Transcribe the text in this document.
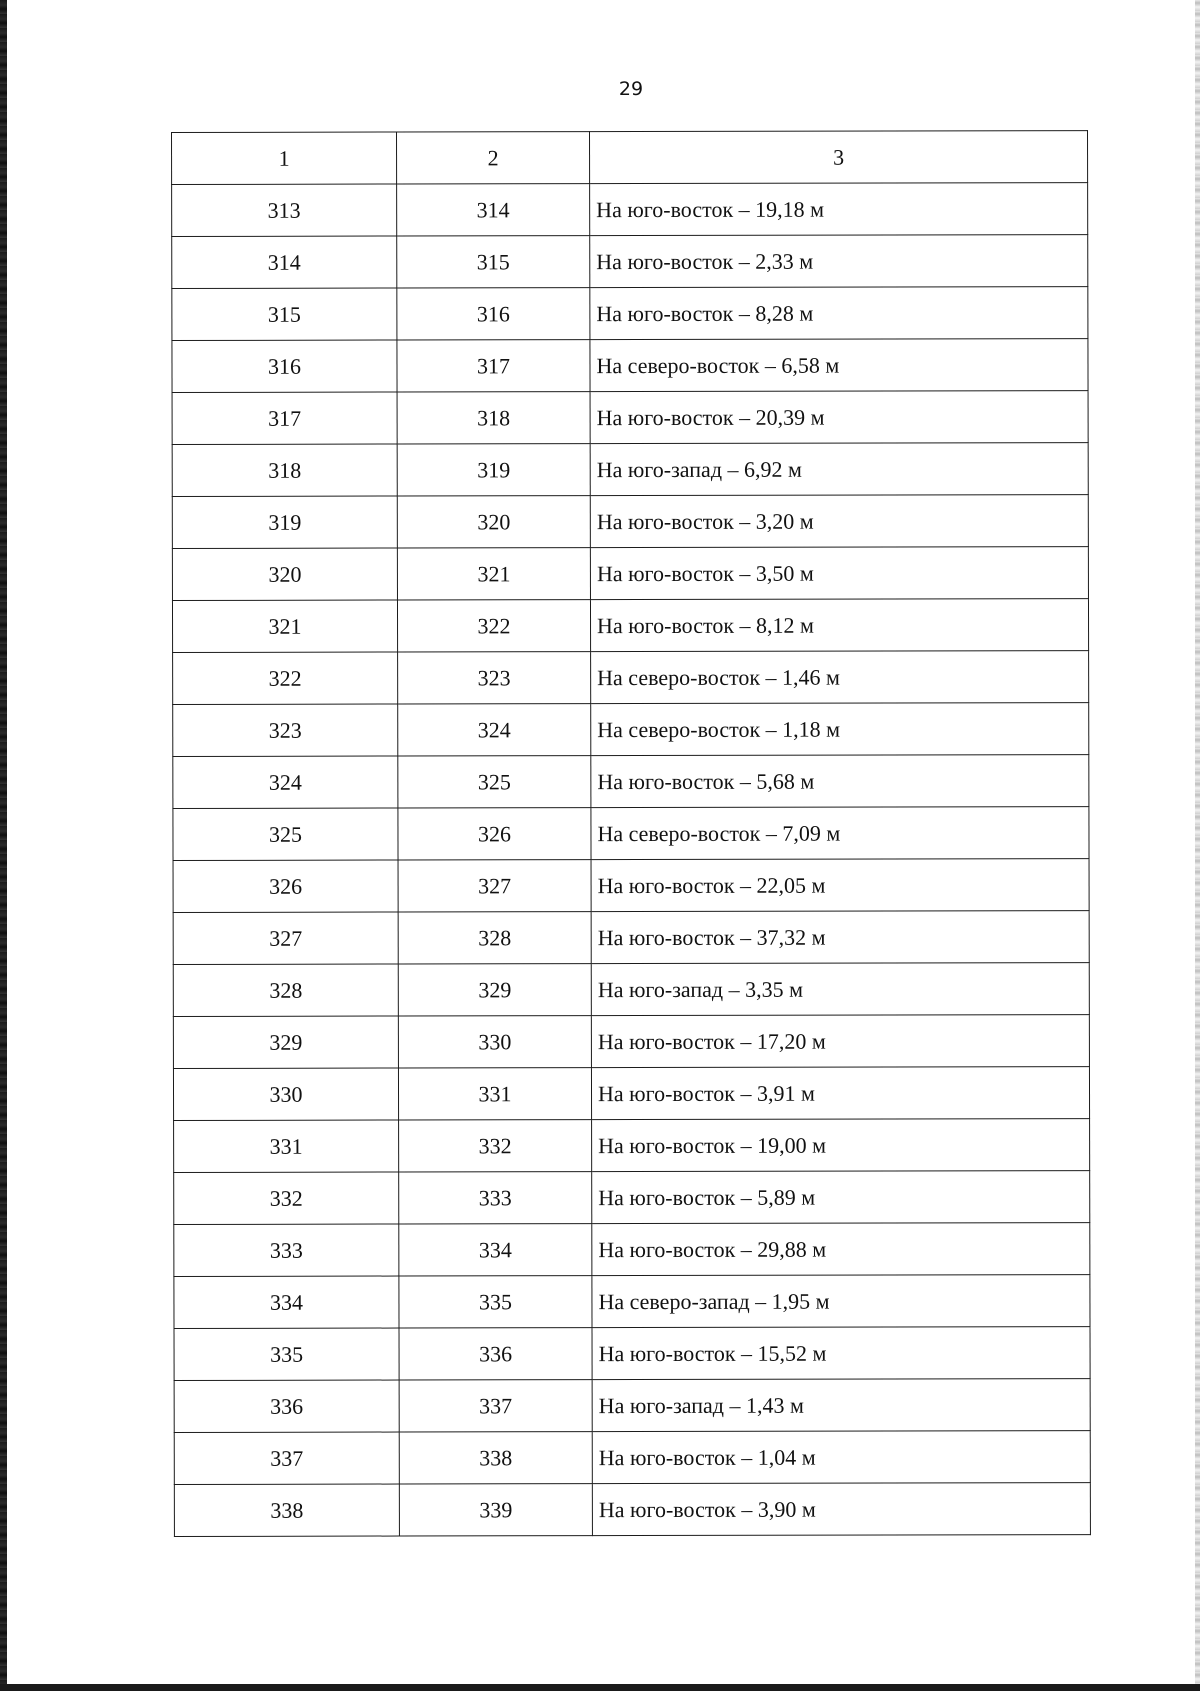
29
1	2	3
313	314	На юго-восток – 19,18 м
314	315	На юго-восток – 2,33 м
315	316	На юго-восток – 8,28 м
316	317	На северо-восток – 6,58 м
317	318	На юго-восток – 20,39 м
318	319	На юго-запад – 6,92 м
319	320	На юго-восток – 3,20 м
320	321	На юго-восток – 3,50 м
321	322	На юго-восток – 8,12 м
322	323	На северо-восток – 1,46 м
323	324	На северо-восток – 1,18 м
324	325	На юго-восток – 5,68 м
325	326	На северо-восток – 7,09 м
326	327	На юго-восток – 22,05 м
327	328	На юго-восток – 37,32 м
328	329	На юго-запад – 3,35 м
329	330	На юго-восток – 17,20 м
330	331	На юго-восток – 3,91 м
331	332	На юго-восток – 19,00 м
332	333	На юго-восток – 5,89 м
333	334	На юго-восток – 29,88 м
334	335	На северо-запад – 1,95 м
335	336	На юго-восток – 15,52 м
336	337	На юго-запад – 1,43 м
337	338	На юго-восток – 1,04 м
338	339	На юго-восток – 3,90 м
